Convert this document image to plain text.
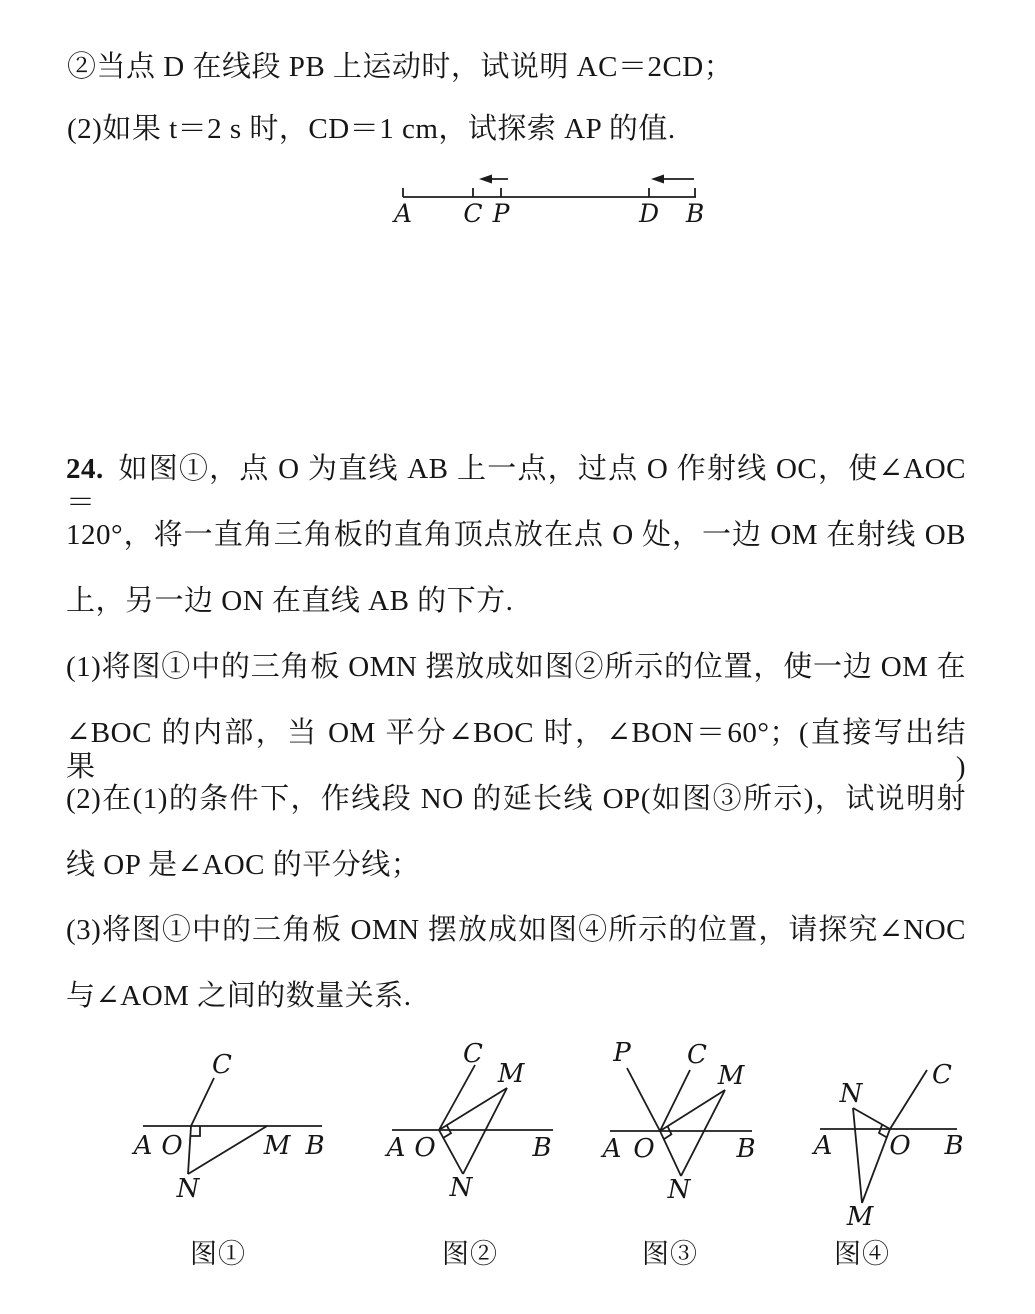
②当点 D 在线段 PB 上运动时，试说明 AC＝2CD；
(2)如果 t＝2 s 时，CD＝1 cm，试探索 AP 的值.
A C P	D B
24. 如图①，点 O 为直线 AB 上一点，过点 O 作射线 OC，使∠AOC＝
120°，将一直角三角板的直角顶点放在点 O 处，一边 OM 在射线 OB
上，另一边 ON 在直线 AB 的下方.
(1)将图①中的三角板 OMN 摆放成如图②所示的位置，使一边 OM 在
∠BOC 的内部，当 OM 平分∠BOC 时，∠BON＝60°；(直接写出结果)
(2)在(1)的条件下，作线段 NO 的延长线 OP(如图③所示)，试说明射
线 OP 是∠AOC 的平分线；
(3)将图①中的三角板 OMN 摆放成如图④所示的位置，请探究∠NOC
与∠AOM 之间的数量关系.
C
A O	M B
N
图①
C
M
A O	B
N
图②
P C
M
A O	B
N
图③
N
C
A O B
M
图④
